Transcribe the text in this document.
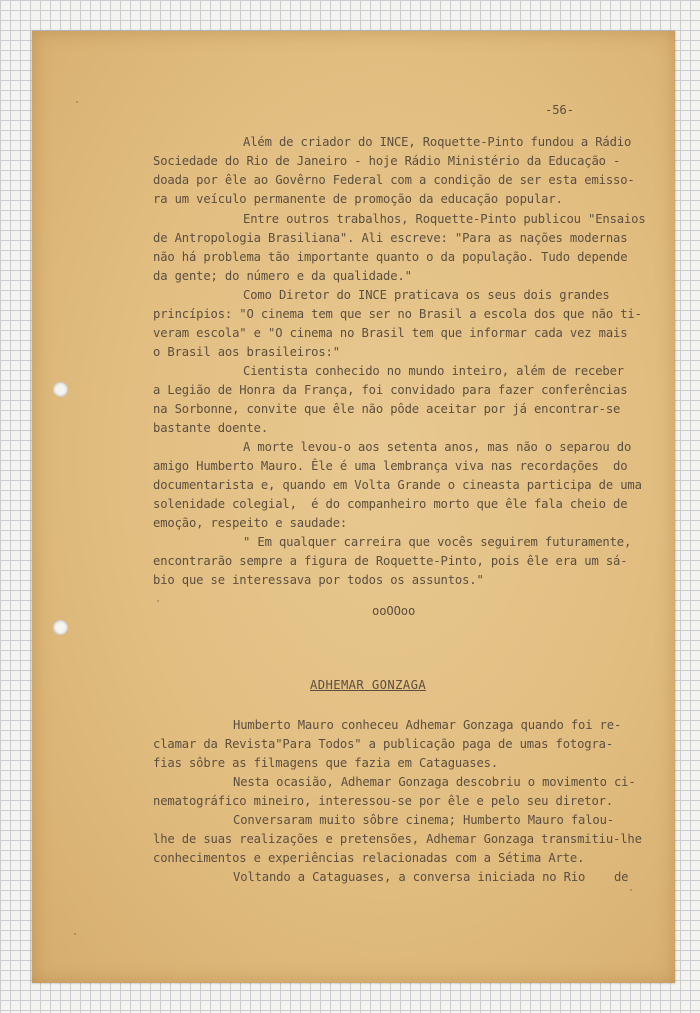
-56-
Além de criador do INCE, Roquette-Pinto fundou a Rádio
Sociedade do Rio de Janeiro - hoje Rádio Ministério da Educação -
doada por êle ao Govêrno Federal com a condição de ser esta emisso-
ra um veículo permanente de promoção da educação popular.
Entre outros trabalhos, Roquette-Pinto publicou "Ensaios
de Antropologia Brasiliana". Ali escreve: "Para as nações modernas
não há problema tão importante quanto o da população. Tudo depende
da gente; do número e da qualidade."
Como Diretor do INCE praticava os seus dois grandes
princípios: "O cinema tem que ser no Brasil a escola dos que não ti-
veram escola" e "O cinema no Brasil tem que informar cada vez mais
o Brasil aos brasileiros:"
Cientista conhecido no mundo inteiro, além de receber
a Legião de Honra da França, foi convidado para fazer conferências
na Sorbonne, convite que êle não pôde aceitar por já encontrar-se
bastante doente.
A morte levou-o aos setenta anos, mas não o separou do
amigo Humberto Mauro. Êle é uma lembrança viva nas recordações  do
documentarista e, quando em Volta Grande o cineasta participa de uma
solenidade colegial,  é do companheiro morto que êle fala cheio de
emoção, respeito e saudade:
" Em qualquer carreira que vocês seguirem futuramente,
encontrarão sempre a figura de Roquette-Pinto, pois êle era um sá-
bio que se interessava por todos os assuntos."
ooOOoo
ADHEMAR GONZAGA
Humberto Mauro conheceu Adhemar Gonzaga quando foi re-
clamar da Revista"Para Todos" a publicação paga de umas fotogra-
fias sôbre as filmagens que fazia em Cataguases.
Nesta ocasião, Adhemar Gonzaga descobriu o movimento ci-
nematográfico mineiro, interessou-se por êle e pelo seu diretor.
Conversaram muito sôbre cinema; Humberto Mauro falou-
lhe de suas realizações e pretensões, Adhemar Gonzaga transmitiu-lhe
conhecimentos e experiências relacionadas com a Sétima Arte.
Voltando a Cataguases, a conversa iniciada no Rio    de
